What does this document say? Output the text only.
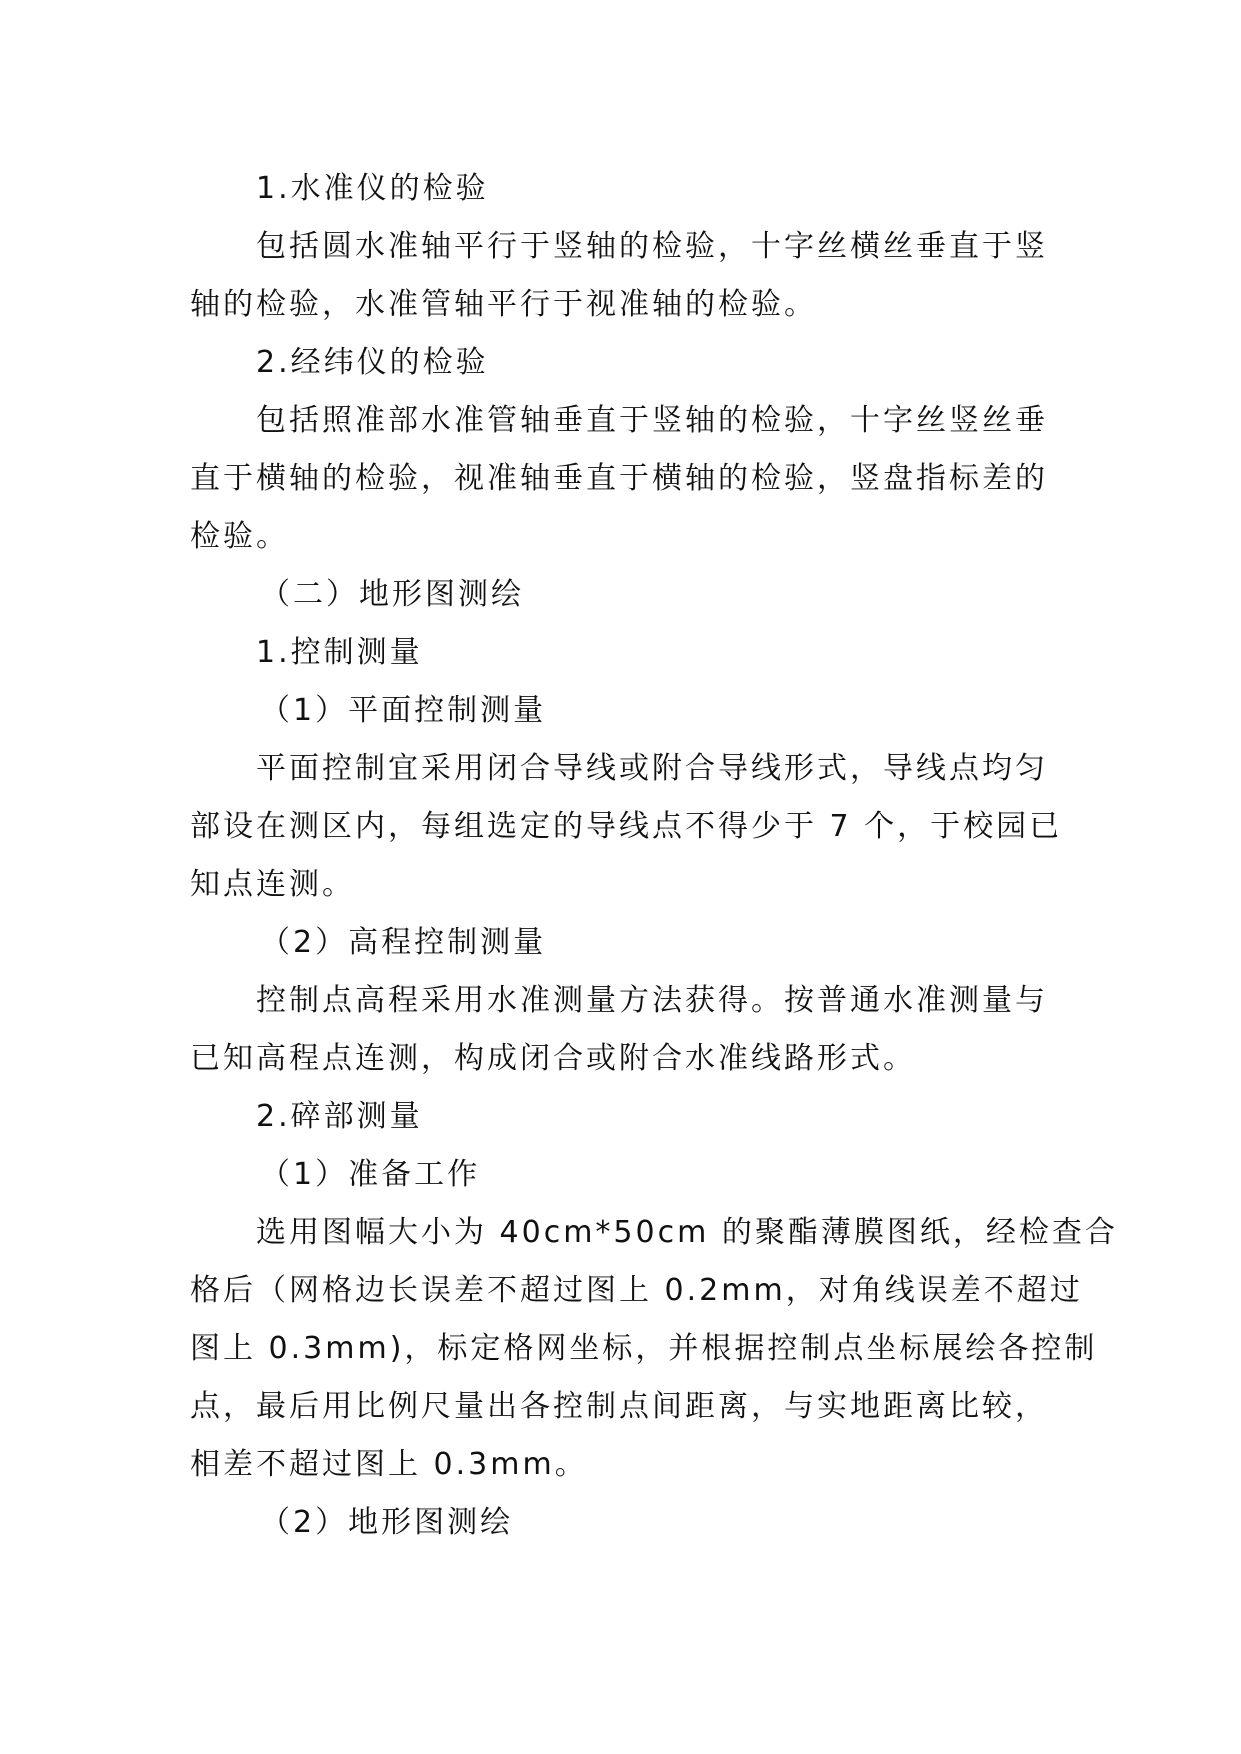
1.水准仪的检验
包括圆水准轴平行于竖轴的检验，十字丝横丝垂直于竖
轴的检验，水准管轴平行于视准轴的检验。
2.经纬仪的检验
包括照准部水准管轴垂直于竖轴的检验，十字丝竖丝垂
直于横轴的检验，视准轴垂直于横轴的检验，竖盘指标差的
检验。
（二）地形图测绘
1.控制测量
（1）平面控制测量
平面控制宜采用闭合导线或附合导线形式，导线点均匀
部设在测区内，每组选定的导线点不得少于 7 个，于校园已
知点连测。
（2）高程控制测量
控制点高程采用水准测量方法获得。按普通水准测量与
已知高程点连测，构成闭合或附合水准线路形式。
2.碎部测量
（1）准备工作
选用图幅大小为 40cm*50cm 的聚酯薄膜图纸，经检查合
格后（网格边长误差不超过图上 0.2mm，对角线误差不超过
图上 0.3mm)，标定格网坐标，并根据控制点坐标展绘各控制
点，最后用比例尺量出各控制点间距离，与实地距离比较，
相差不超过图上 0.3mm。
（2）地形图测绘
